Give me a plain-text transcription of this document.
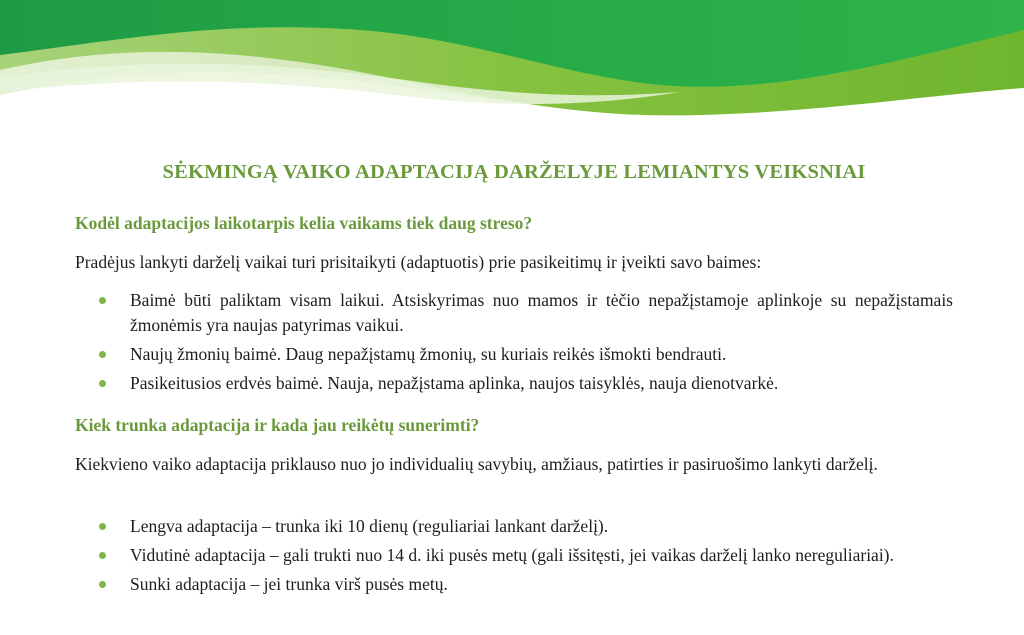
SĖKMINGĄ VAIKO ADAPTACIJĄ DARŽELYJE LEMIANTYS VEIKSNIAI
Kodėl adaptacijos laikotarpis kelia vaikams tiek daug streso?

Pradėjus lankyti darželį vaikai turi prisitaikyti (adaptuotis) prie pasikeitimų ir įveikti savo baimes:

Baimė būti paliktam visam laikui. Atsiskyrimas nuo mamos ir tėčio nepažįstamoje aplinkoje su nepažįstamais žmonėmis yra naujas patyrimas vaikui.
Naujų žmonių baimė. Daug nepažįstamų žmonių, su kuriais reikės išmokti bendrauti.
Pasikeitusios erdvės baimė. Nauja, nepažįstama aplinka, naujos taisyklės, nauja dienotvarkė.
Kiek trunka adaptacija ir kada jau reikėtų sunerimti?

Kiekvieno vaiko adaptacija priklauso nuo jo individualių savybių, amžiaus, patirties ir pasiruošimo lankyti darželį.

Lengva adaptacija – trunka iki 10 dienų (reguliariai lankant darželį).
Vidutinė adaptacija – gali trukti nuo 14 d. iki pusės metų (gali išsitęsti, jei vaikas darželį lanko nereguliariai).
Sunki adaptacija – jei trunka virš pusės metų.
